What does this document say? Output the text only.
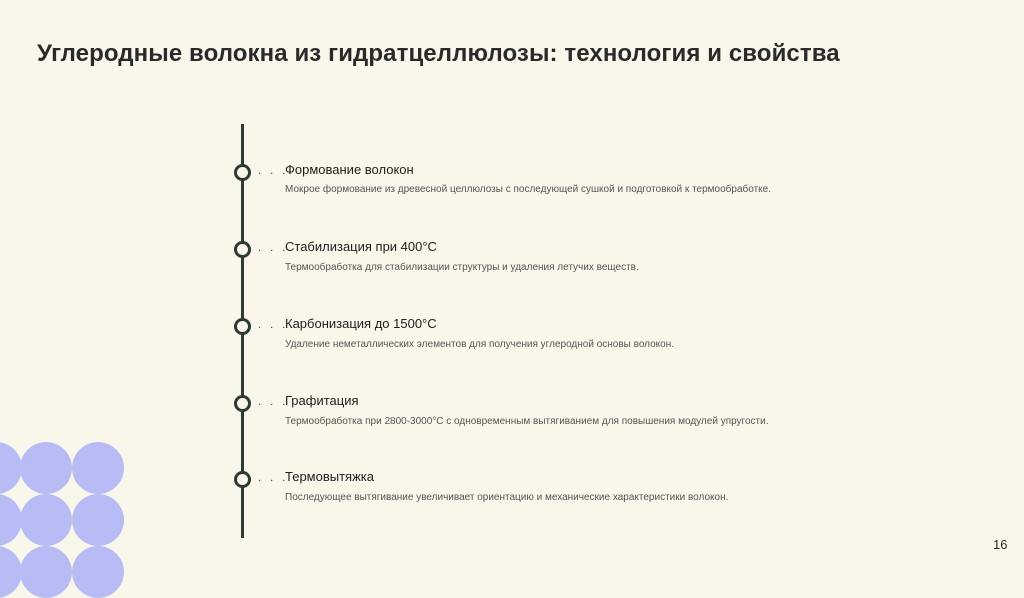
Углеродные волокна из гидратцеллюлозы: технология и свойства
. . .
Формование волокон
Мокрое формование из древесной целлюлозы с последующей сушкой и подготовкой к термообработке.
. . .
Стабилизация при 400°C
Термообработка для стабилизации структуры и удаления летучих веществ.
. . .
Карбонизация до 1500°C
Удаление неметаллических элементов для получения углеродной основы волокон.
. . .
Графитация
Термообработка при 2800-3000°C с одновременным вытягиванием для повышения модулей упругости.
. . .
Термовытяжка
Последующее вытягивание увеличивает ориентацию и механические характеристики волокон.
16
